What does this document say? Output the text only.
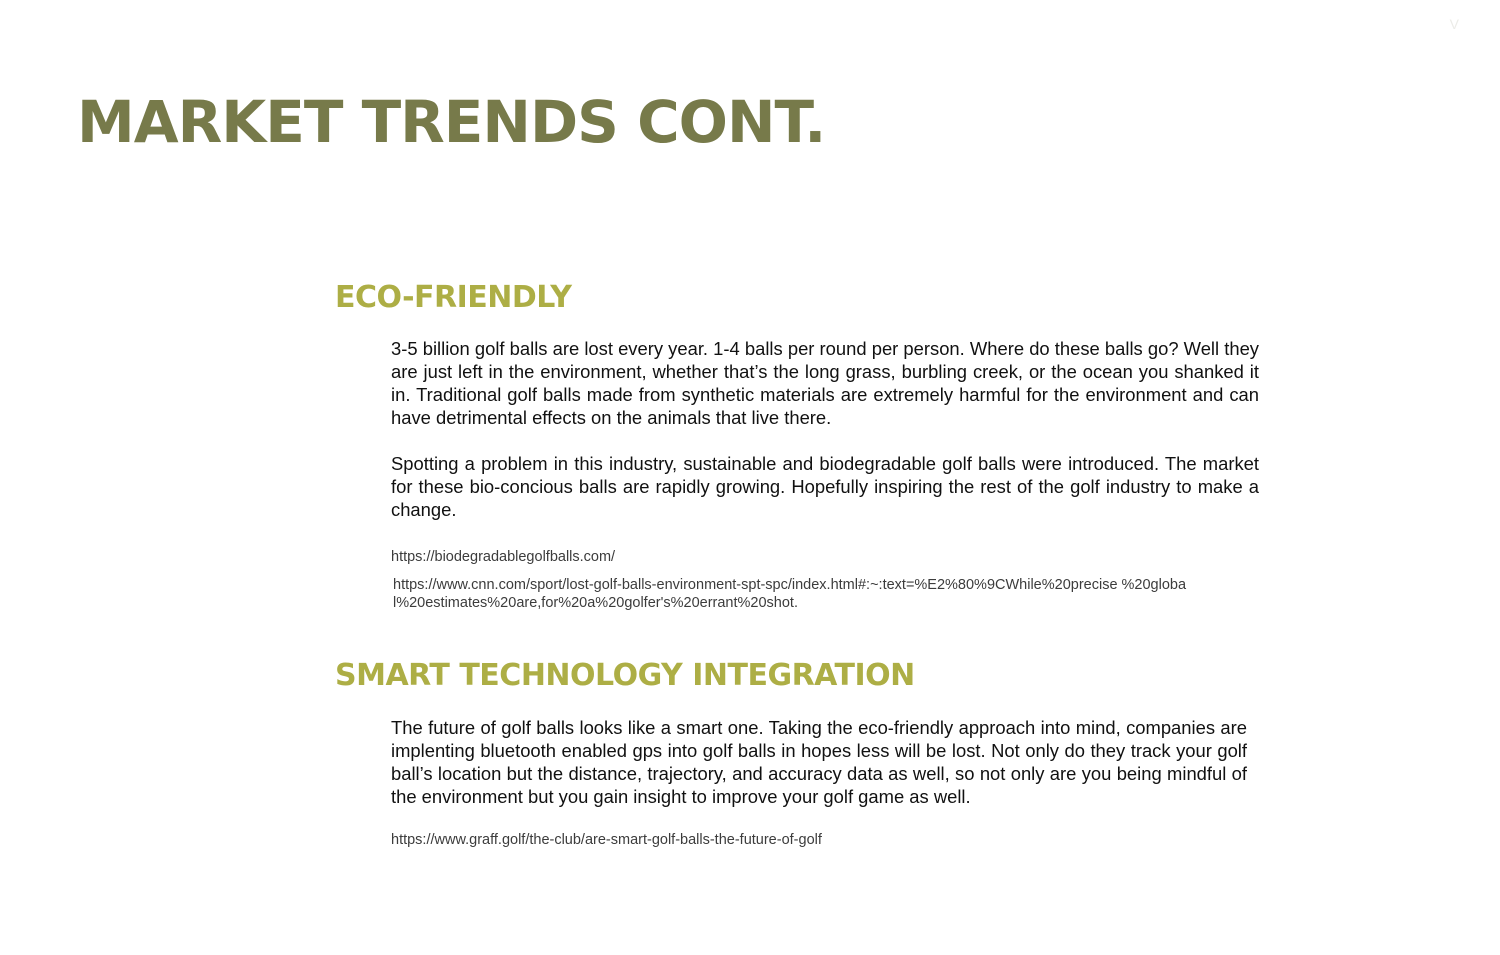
V
MARKET TRENDS CONT.
ECO-FRIENDLY

3-5 billion golf balls are lost every year. 1-4 balls per round per person. Where do these balls go? Well they are just left in the environment, whether that’s the long grass, burbling creek, or the ocean you shanked it in. Traditional golf balls made from synthetic materials are extremely harmful for the environment and can have detrimental effects on the animals that live there.

Spotting a problem in this industry, sustainable and biodegradable golf balls were introduced. The market for these bio-concious balls are rapidly growing. Hopefully inspiring the rest of the golf industry to make a change.

https://biodegradablegolfballs.com/
https://www.cnn.com/sport/lost-golf-balls-environment-spt-spc/index.html#:~:text=%E2%80%9CWhile%20precise %20global%20estimates%20are,for%20a%20golfer's%20errant%20shot.
SMART TECHNOLOGY INTEGRATION

The future of golf balls looks like a smart one. Taking the eco-friendly approach into mind, companies are implenting bluetooth enabled gps into golf balls in hopes less will be lost. Not only do they track your golf ball’s location but the distance, trajectory, and accuracy data as well, so not only are you being mindful of the environment but you gain insight to improve your golf game as well.

https://www.graff.golf/the-club/are-smart-golf-balls-the-future-of-golf
